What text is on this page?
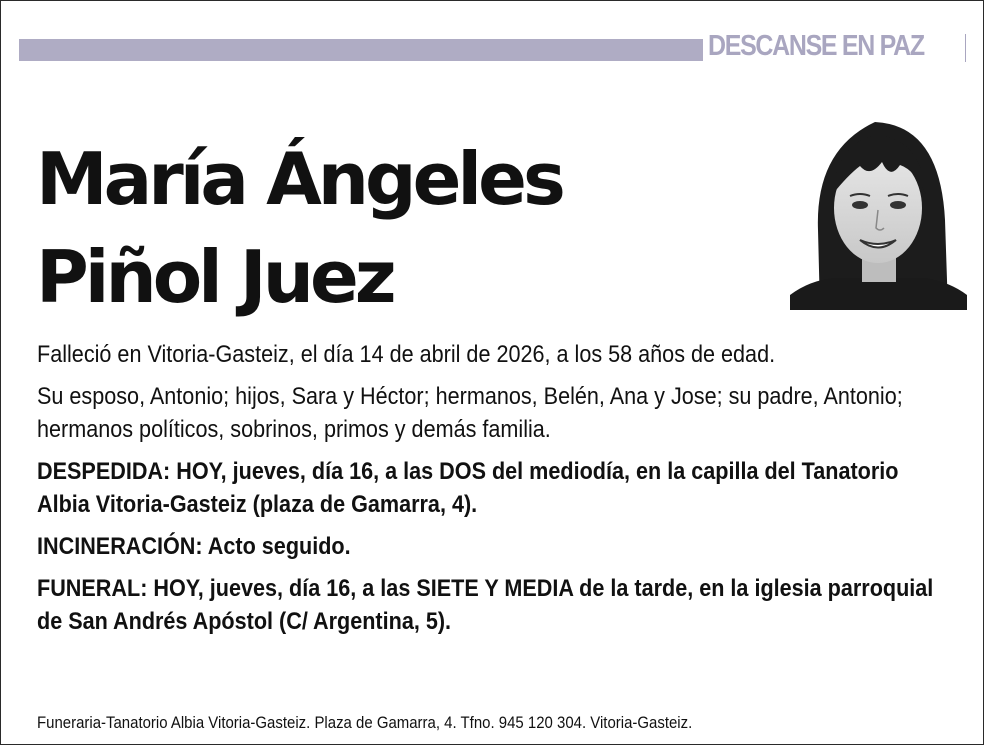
DESCANSE EN PAZ
María Ángeles
Piñol Juez

Falleció en Vitoria-Gasteiz, el día 14 de abril de 2026, a los 58 años de edad.

Su esposo, Antonio; hijos, Sara y Héctor; hermanos, Belén, Ana y Jose; su padre, Antonio; hermanos políticos, sobrinos, primos y demás familia.

DESPEDIDA: HOY, jueves, día 16, a las DOS del mediodía, en la capilla del Tanatorio Albia Vitoria-Gasteiz (plaza de Gamarra, 4).

INCINERACIÓN: Acto seguido.

FUNERAL: HOY, jueves, día 16, a las SIETE Y MEDIA de la tarde, en la iglesia parroquial de San Andrés Apóstol (C/ Argentina, 5).

Funeraria-Tanatorio Albia Vitoria-Gasteiz. Plaza de Gamarra, 4. Tfno. 945 120 304. Vitoria-Gasteiz.
